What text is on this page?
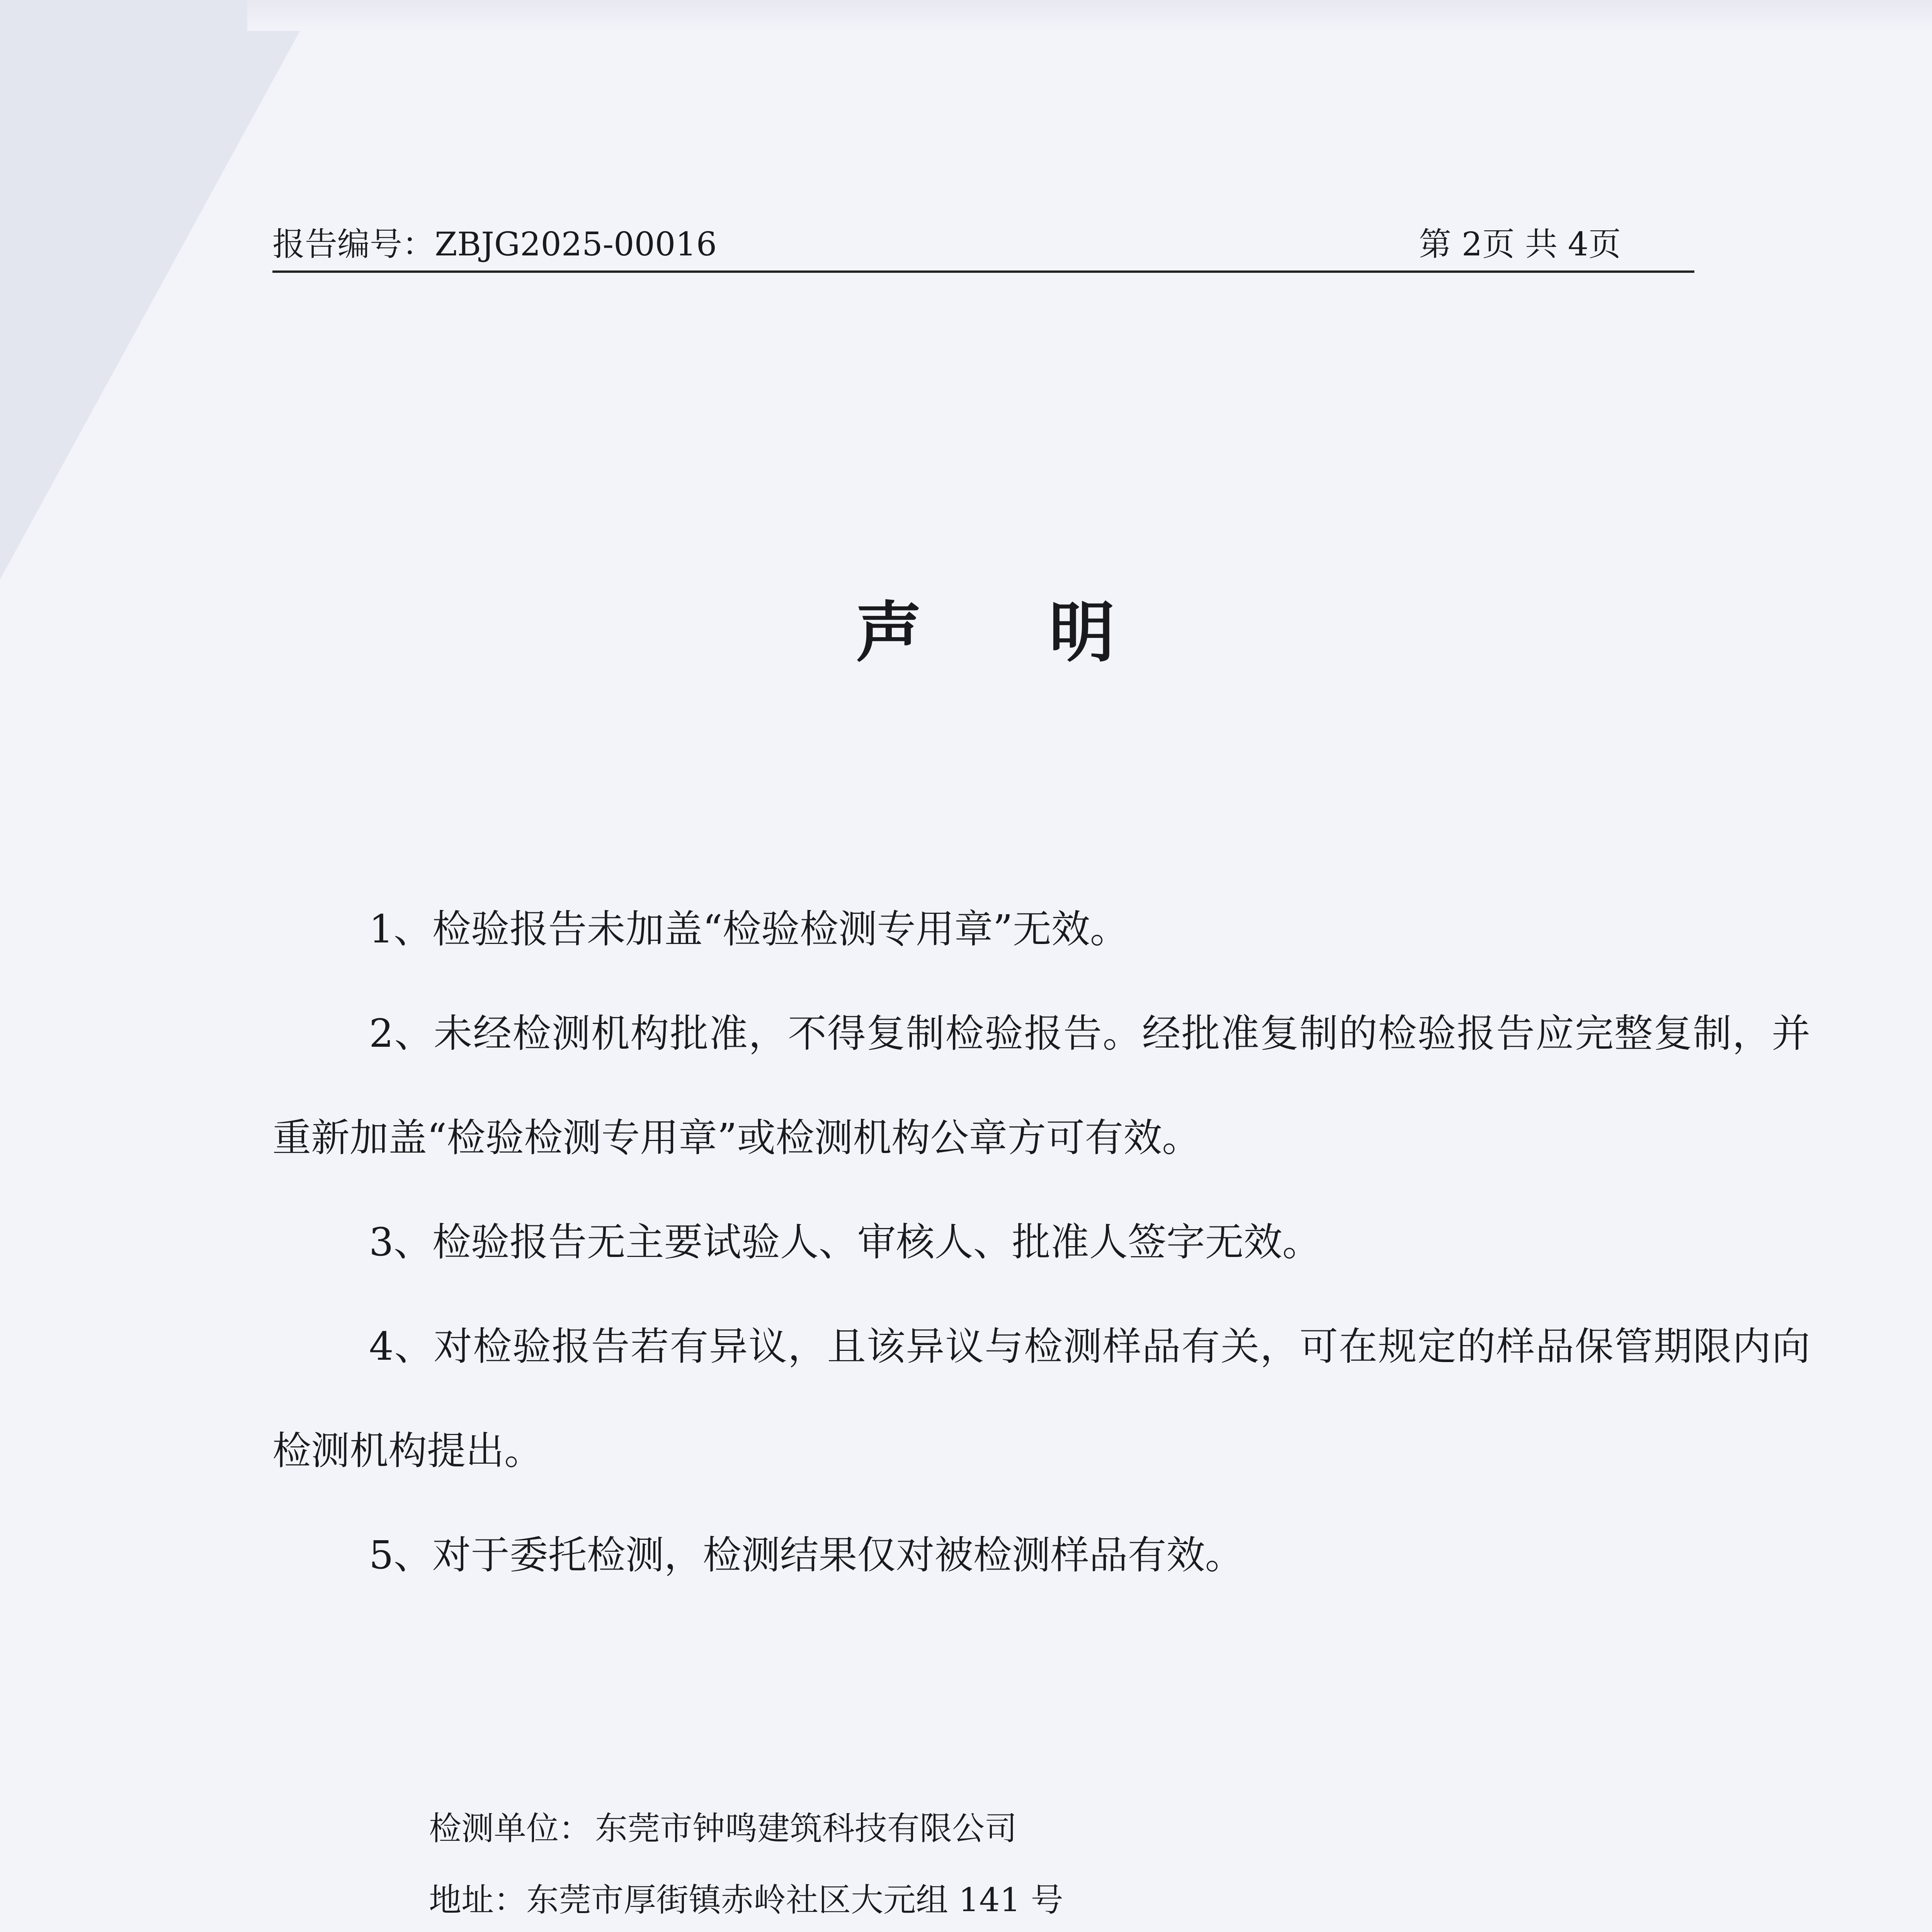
报告编号：ZBJG2025-00016	第 2页 共 4页
声明

1、检验报告未加盖“检验检测专用章”无效。

2、未经检测机构批准，不得复制检验报告。经批准复制的检验报告应完整复制，并重新加盖“检验检测专用章”或检测机构公章方可有效。

3、检验报告无主要试验人、审核人、批准人签字无效。

4、对检验报告若有异议，且该异议与检测样品有关，可在规定的样品保管期限内向检测机构提出。

5、对于委托检测，检测结果仅对被检测样品有效。

检测单位： 东莞市钟鸣建筑科技有限公司
地址：东莞市厚街镇赤岭社区大元组 141 号
